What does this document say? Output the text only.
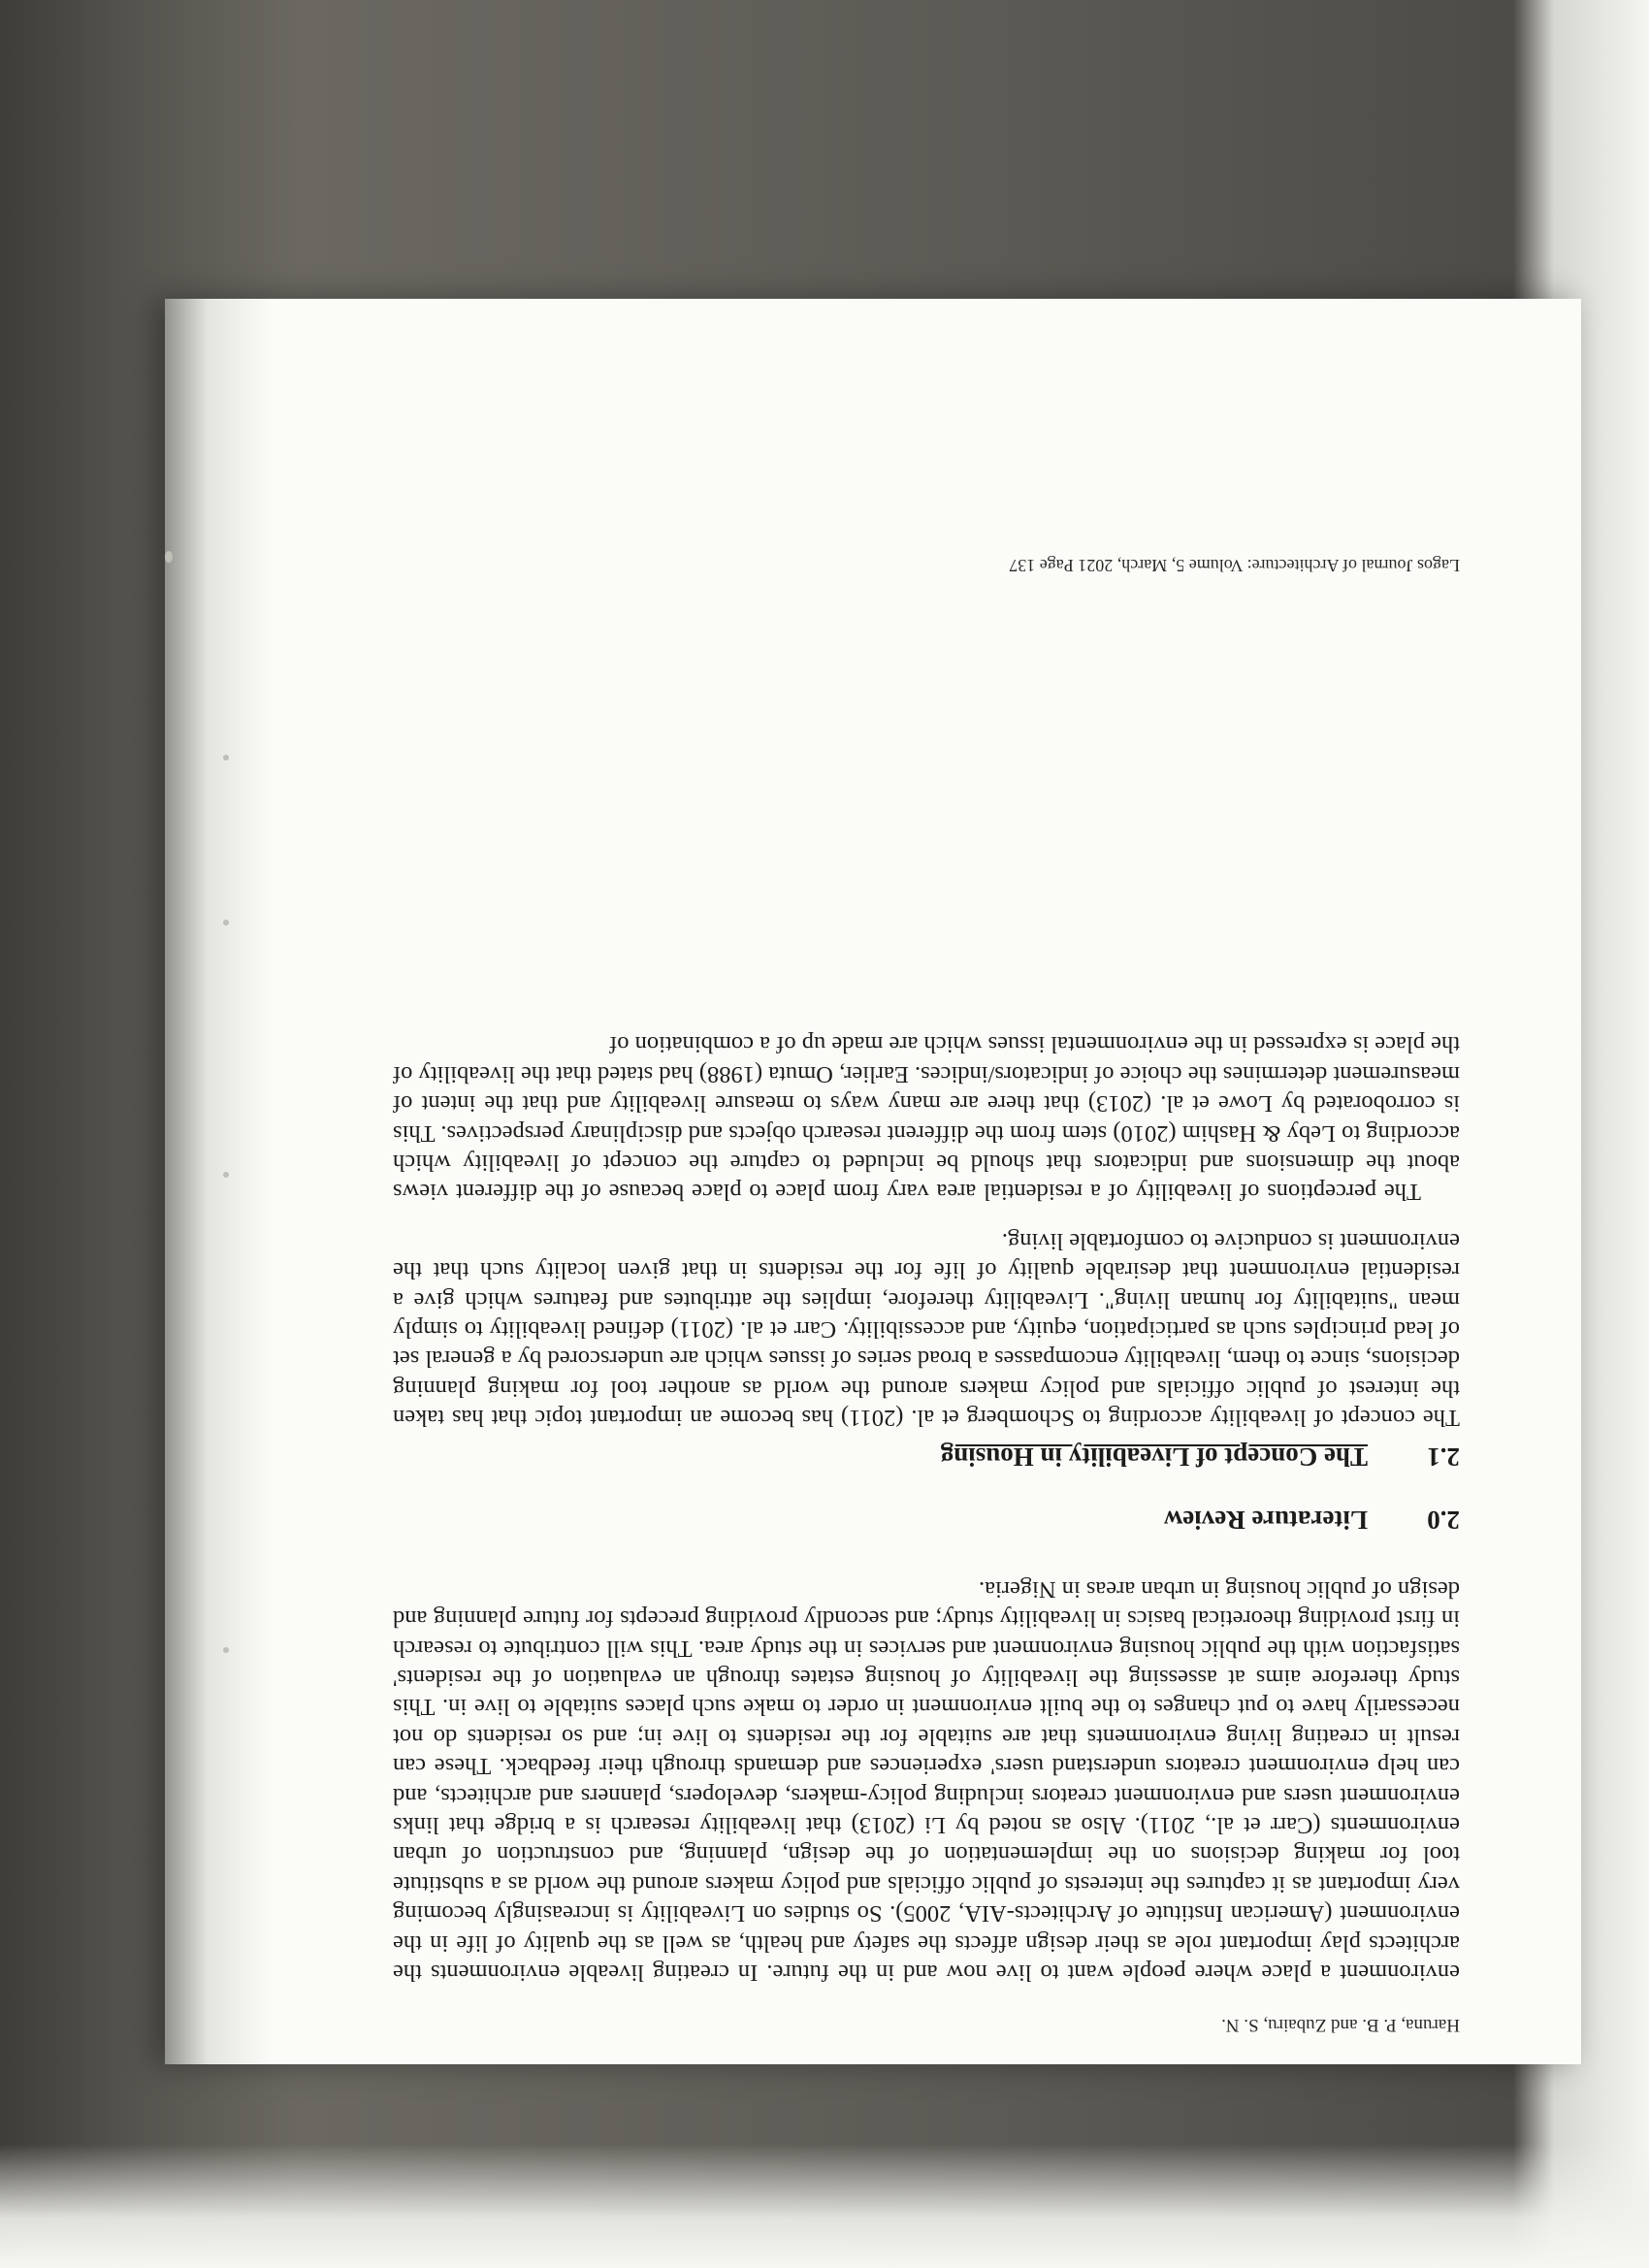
Haruna, P. B. and Zubairu, S. N.

environment a place where people want to live now and in the future. In creating liveable environments the architects play important role as their design affects the safety and health, as well as the quality of life in the environment (American Institute of Architects-AIA, 2005). So studies on Liveability is increasingly becoming very important as it captures the interests of public officials and policy makers around the world as a substitute tool for making decisions on the implementation of the design, planning, and construction of urban environments (Carr et al., 2011). Also as noted by Li (2013) that liveability research is a bridge that links environment users and environment creators including policy-makers, developers, planners and architects, and can help environment creators understand users' experiences and demands through their feedback. These can result in creating living environments that are suitable for the residents to live in; and so residents do not necessarily have to put changes to the built environment in order to make such places suitable to live in. This study therefore aims at assessing the liveability of housing estates through an evaluation of the residents' satisfaction with the public housing environment and services in the study area. This will contribute to research in first providing theoretical basics in liveability study; and secondly providing precepts for future planning and design of public housing in urban areas in Nigeria.

2.0
Literature Review
2.1
The Concept of Liveability in Housing

The concept of liveability according to Schomberg et al. (2011) has become an important topic that has taken the interest of public officials and policy makers around the world as another tool for making planning decisions, since to them, liveability encompasses a broad series of issues which are underscored by a general set of lead principles such as participation, equity, and accessibility. Carr et al. (2011) defined liveability to simply mean "suitability for human living". Liveability therefore, implies the attributes and features which give a residential environment that desirable quality of life for the residents in that given locality such that the environment is conducive to comfortable living.

The perceptions of liveability of a residential area vary from place to place because of the different views about the dimensions and indicators that should be included to capture the concept of liveability which according to Leby & Hashim (2010) stem from the different research objects and disciplinary perspectives. This is corroborated by Lowe et al. (2013) that there are many ways to measure liveability and that the intent of measurement determines the choice of indicators/indices. Earlier, Omuta (1988) had stated that the liveability of the place is expressed in the environmental issues which are made up of a combination of

Lagos Journal of Architecture: Volume 5, March, 2021 Page 137
